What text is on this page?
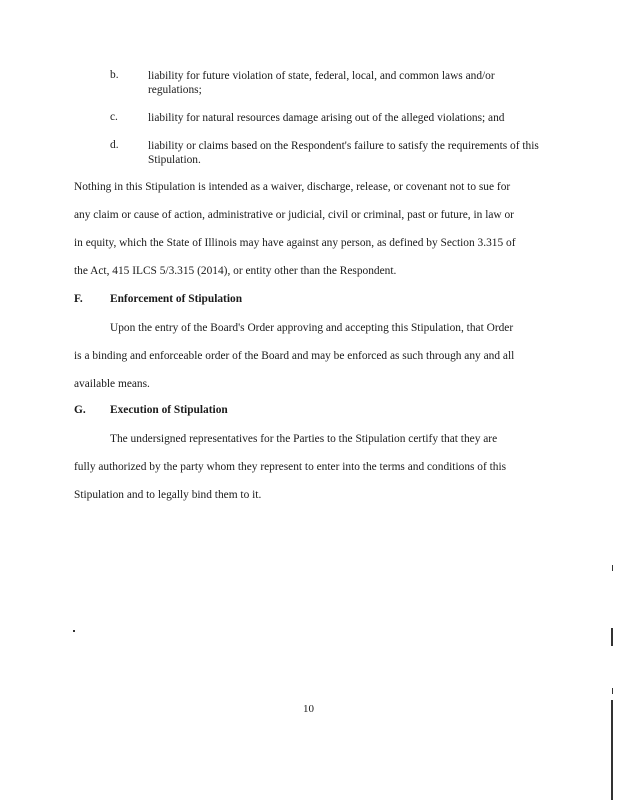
b.	liability for future violation of state, federal, local, and common laws and/or regulations;
c.	liability for natural resources damage arising out of the alleged violations; and
d.	liability or claims based on the Respondent's failure to satisfy the requirements of this Stipulation.
Nothing in this Stipulation is intended as a waiver, discharge, release, or covenant not to sue for
any claim or cause of action, administrative or judicial, civil or criminal, past or future, in law or
in equity, which the State of Illinois may have against any person, as defined by Section 3.315 of
the Act, 415 ILCS 5/3.315 (2014), or entity other than the Respondent.
F. Enforcement of Stipulation
Upon the entry of the Board's Order approving and accepting this Stipulation, that Order
is a binding and enforceable order of the Board and may be enforced as such through any and all
available means.
G. Execution of Stipulation
The undersigned representatives for the Parties to the Stipulation certify that they are
fully authorized by the party whom they represent to enter into the terms and conditions of this
Stipulation and to legally bind them to it.
10
